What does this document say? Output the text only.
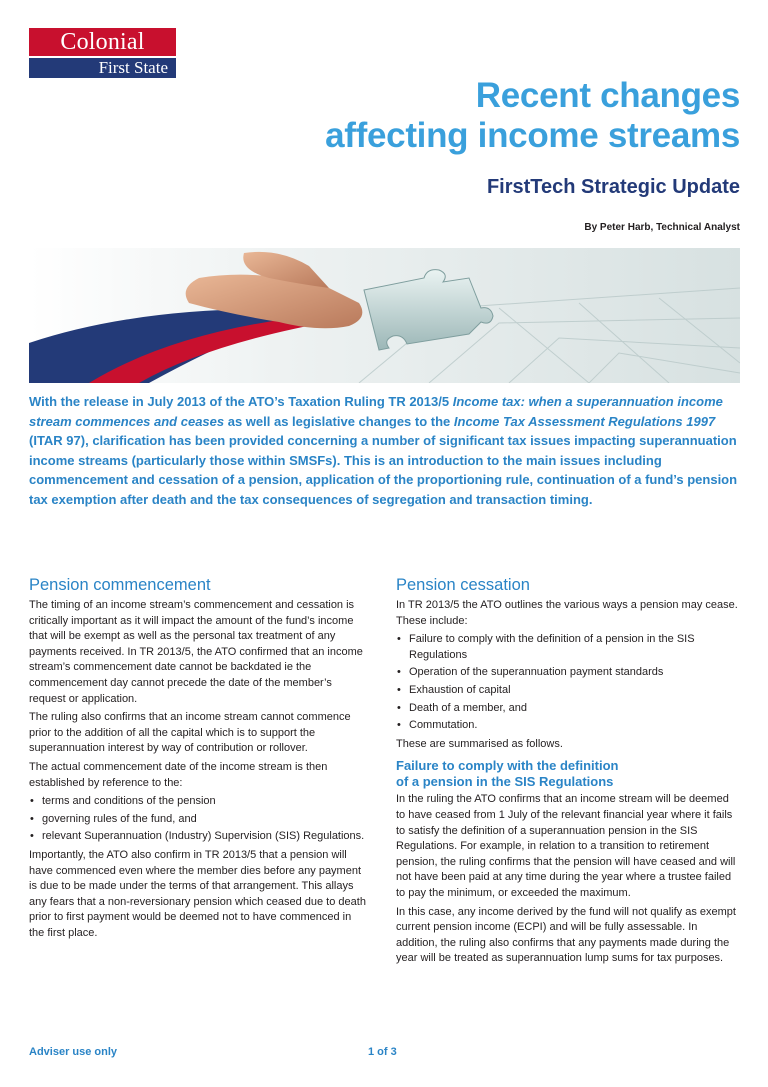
Colonial
First State
Recent changes
affecting income streams
FirstTech Strategic Update
By Peter Harb, Technical Analyst

With the release in July 2013 of the ATO’s Taxation Ruling TR 2013/5 Income tax: when a superannuation income stream commences and ceases as well as legislative changes to the Income Tax Assessment Regulations 1997 (ITAR 97), clarification has been provided concerning a number of significant tax issues impacting superannuation income streams (particularly those within SMSFs). This is an introduction to the main issues including commencement and cessation of a pension, application of the proportioning rule, continuation of a fund’s pension tax exemption after death and the tax consequences of segregation and transaction timing.

Pension commencement

The timing of an income stream’s commencement and cessation is critically important as it will impact the amount of the fund’s income that will be exempt as well as the personal tax treatment of any payments received. In TR 2013/5, the ATO confirmed that an income stream’s commencement date cannot be backdated ie the commencement day cannot precede the date of the member’s request or application.

The ruling also confirms that an income stream cannot commence prior to the addition of all the capital which is to support the superannuation interest by way of contribution or rollover.

The actual commencement date of the income stream is then established by reference to the:

• terms and conditions of the pension
• governing rules of the fund, and
• relevant Superannuation (Industry) Supervision (SIS) Regulations.

Importantly, the ATO also confirm in TR 2013/5 that a pension will have commenced even where the member dies before any payment is due to be made under the terms of that arrangement. This allays any fears that a non-reversionary pension which ceased due to death prior to first payment would be deemed not to have commenced in the first place.

Pension cessation

In TR 2013/5 the ATO outlines the various ways a pension may cease. These include:

• Failure to comply with the definition of a pension in the SIS Regulations
• Operation of the superannuation payment standards
• Exhaustion of capital
• Death of a member, and
• Commutation.

These are summarised as follows.

Failure to comply with the definition
of a pension in the SIS Regulations

In the ruling the ATO confirms that an income stream will be deemed to have ceased from 1 July of the relevant financial year where it fails to satisfy the definition of a superannuation pension in the SIS Regulations. For example, in relation to a transition to retirement pension, the ruling confirms that the pension will have ceased and will not have been paid at any time during the year where a trustee failed to pay the minimum, or exceeded the maximum.

In this case, any income derived by the fund will not qualify as exempt current pension income (ECPI) and will be fully assessable. In addition, the ruling also confirms that any payments made during the year will be treated as superannuation lump sums for tax purposes.

Adviser use only	1 of 3
